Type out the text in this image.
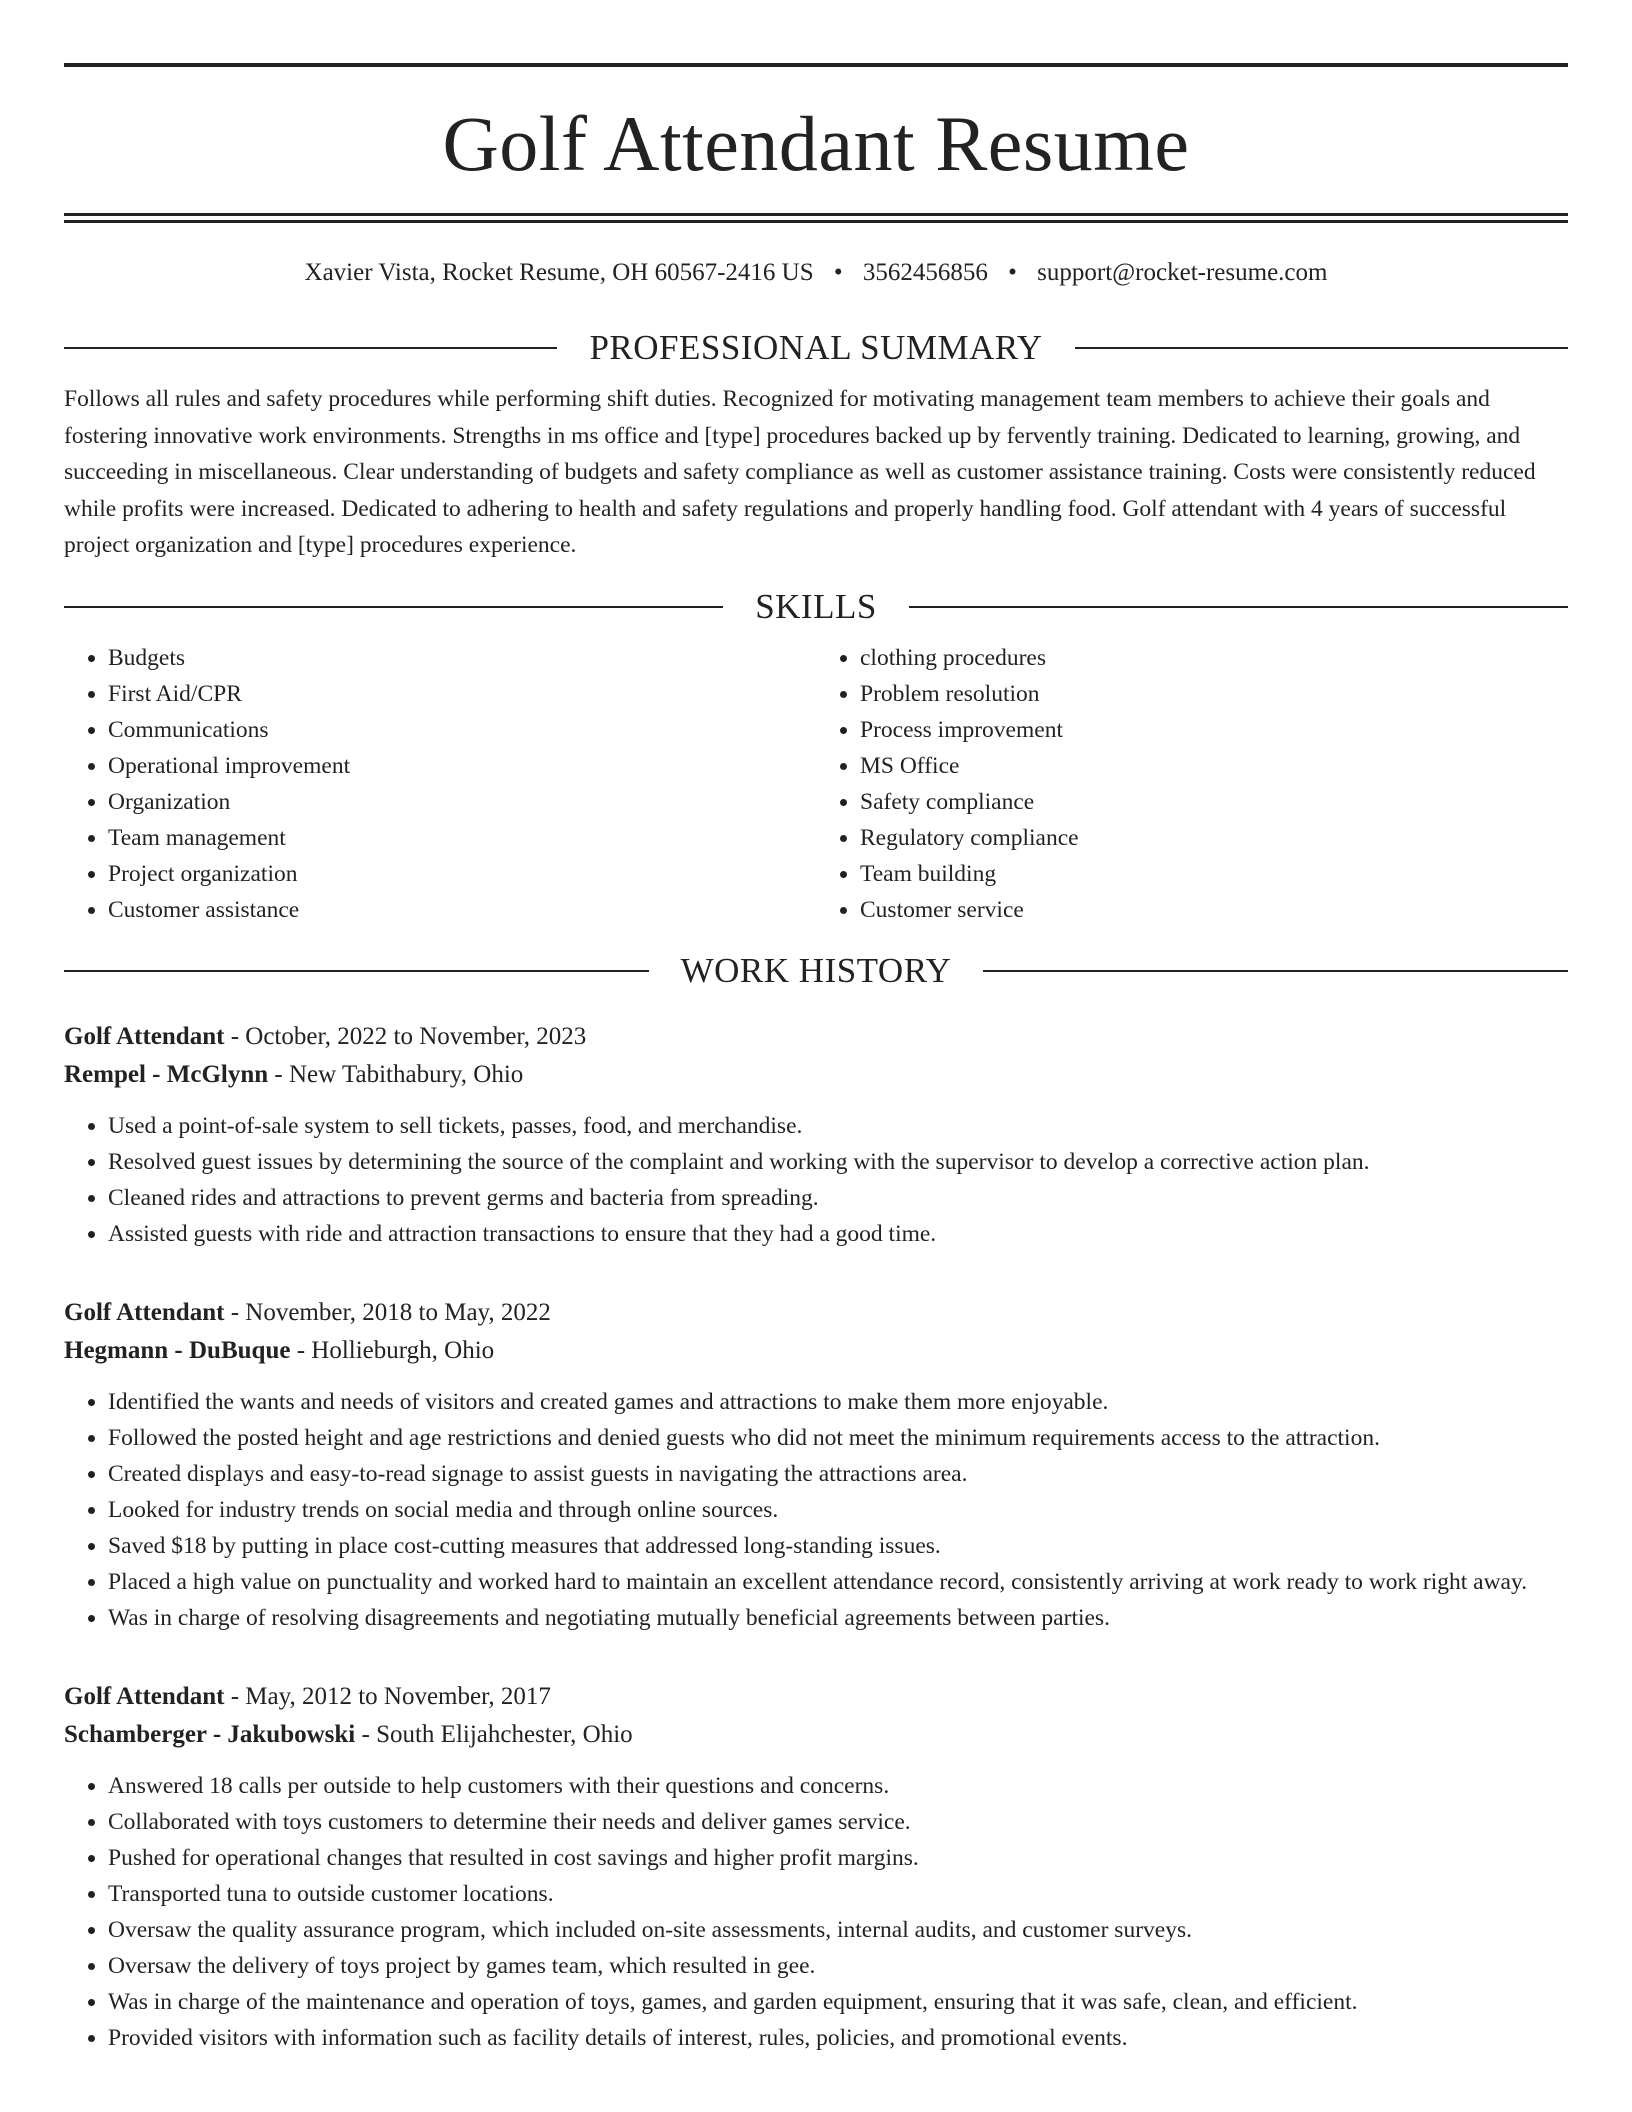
Golf Attendant Resume
Xavier Vista, Rocket Resume, OH 60567-2416 US • 3562456856 • support@rocket-resume.com
PROFESSIONAL SUMMARY

Follows all rules and safety procedures while performing shift duties. Recognized for motivating management team members to achieve their goals and fostering innovative work environments. Strengths in ms office and [type] procedures backed up by fervently training. Dedicated to learning, growing, and succeeding in miscellaneous. Clear understanding of budgets and safety compliance as well as customer assistance training. Costs were consistently reduced while profits were increased. Dedicated to adhering to health and safety regulations and properly handling food. Golf attendant with 4 years of successful project organization and [type] procedures experience.

SKILLS
• Budgets
• First Aid/CPR
• Communications
• Operational improvement
• Organization
• Team management
• Project organization
• Customer assistance
• clothing procedures
• Problem resolution
• Process improvement
• MS Office
• Safety compliance
• Regulatory compliance
• Team building
• Customer service
WORK HISTORY
Golf Attendant - October, 2022 to November, 2023
Rempel - McGlynn - New Tabithabury, Ohio
• Used a point-of-sale system to sell tickets, passes, food, and merchandise.
• Resolved guest issues by determining the source of the complaint and working with the supervisor to develop a corrective action plan.
• Cleaned rides and attractions to prevent germs and bacteria from spreading.
• Assisted guests with ride and attraction transactions to ensure that they had a good time.
Golf Attendant - November, 2018 to May, 2022
Hegmann - DuBuque - Hollieburgh, Ohio
• Identified the wants and needs of visitors and created games and attractions to make them more enjoyable.
• Followed the posted height and age restrictions and denied guests who did not meet the minimum requirements access to the attraction.
• Created displays and easy-to-read signage to assist guests in navigating the attractions area.
• Looked for industry trends on social media and through online sources.
• Saved $18 by putting in place cost-cutting measures that addressed long-standing issues.
• Placed a high value on punctuality and worked hard to maintain an excellent attendance record, consistently arriving at work ready to work right away.
• Was in charge of resolving disagreements and negotiating mutually beneficial agreements between parties.
Golf Attendant - May, 2012 to November, 2017
Schamberger - Jakubowski - South Elijahchester, Ohio
• Answered 18 calls per outside to help customers with their questions and concerns.
• Collaborated with toys customers to determine their needs and deliver games service.
• Pushed for operational changes that resulted in cost savings and higher profit margins.
• Transported tuna to outside customer locations.
• Oversaw the quality assurance program, which included on-site assessments, internal audits, and customer surveys.
• Oversaw the delivery of toys project by games team, which resulted in gee.
• Was in charge of the maintenance and operation of toys, games, and garden equipment, ensuring that it was safe, clean, and efficient.
• Provided visitors with information such as facility details of interest, rules, policies, and promotional events.
